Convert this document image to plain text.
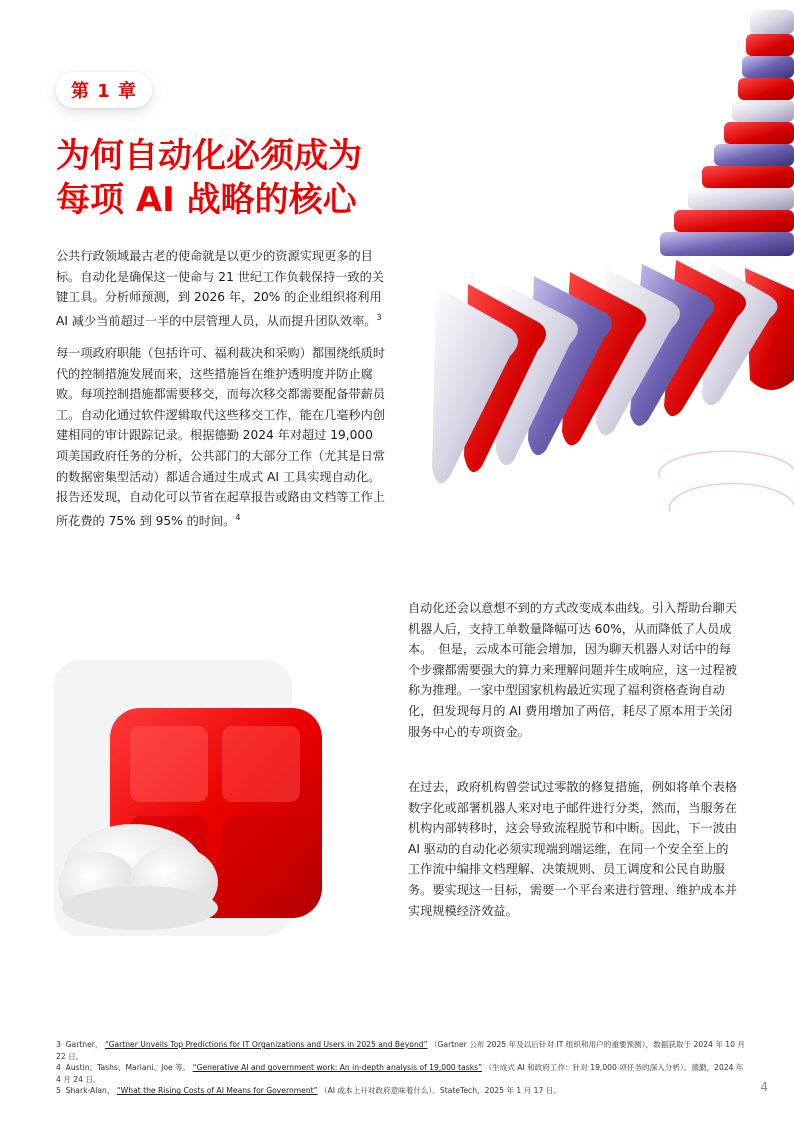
第 1 章
为何自动化必须成为
每项 AI 战略的核心

公共行政领域最古老的使命就是以更少的资源实现更多的目标。自动化是确保这一使命与 21 世纪工作负载保持一致的关键工具。分析师预测，到 2026 年，20% 的企业组织将利用 AI 减少当前超过一半的中层管理人员，从而提升团队效率。$^3$

每一项政府职能（包括许可、福利裁决和采购）都围绕纸质时代的控制措施发展而来，这些措施旨在维护透明度并防止腐败。每项控制措施都需要移交，而每次移交都需要配备带薪员工。自动化通过软件逻辑取代这些移交工作，能在几毫秒内创建相同的审计跟踪记录。根据德勤 2024 年对超过 19,000 项美国政府任务的分析，公共部门的大部分工作（尤其是日常的数据密集型活动）都适合通过生成式 AI 工具实现自动化。报告还发现，自动化可以节省在起草报告或路由文档等工作上所花费的 75% 到 95% 的时间。$^4$

自动化还会以意想不到的方式改变成本曲线。引入帮助台聊天机器人后，支持工单数量降幅可达 60%，从而降低了人员成本。　但是，云成本可能会增加，因为聊天机器人对话中的每个步骤都需要强大的算力来理解问题并生成响应，这一过程被称为推理。一家中型国家机构最近实现了福利资格查询自动化，但发现每月的 AI 费用增加了两倍，耗尽了原本用于关闭服务中心的专项资金。

在过去，政府机构曾尝试过零散的修复措施，例如将单个表格数字化或部署机器人来对电子邮件进行分类，然而，当服务在机构内部转移时，这会导致流程脱节和中断。因此，下一波由 AI 驱动的自动化必须实现端到端运维，在同一个安全至上的工作流中编排文档理解、决策规则、员工调度和公民自助服务。要实现这一目标，需要一个平台来进行管理、维护成本并实现规模经济效益。

3 Gartner， “Gartner Unveils Top Predictions for IT Organizations and Users in 2025 and Beyond” （Gartner 公布 2025 年及以后针对 IT 组织和用户的重要预测），数据获取于 2024 年 10 月 22 日。

4 Austin、Tashs、Mariani、Joe 等。 “Generative AI and government work: An in-depth analysis of 19,000 tasks” （生成式 AI 和政府工作：针对 19,000 项任务的深入分析）。德勤，2024 年 4 月 24 日。

5 Shark-Alan， “What the Rising Costs of AI Means for Government” （AI 成本上升对政府意味着什么）。StateTech，2025 年 1 月 17 日。	4
